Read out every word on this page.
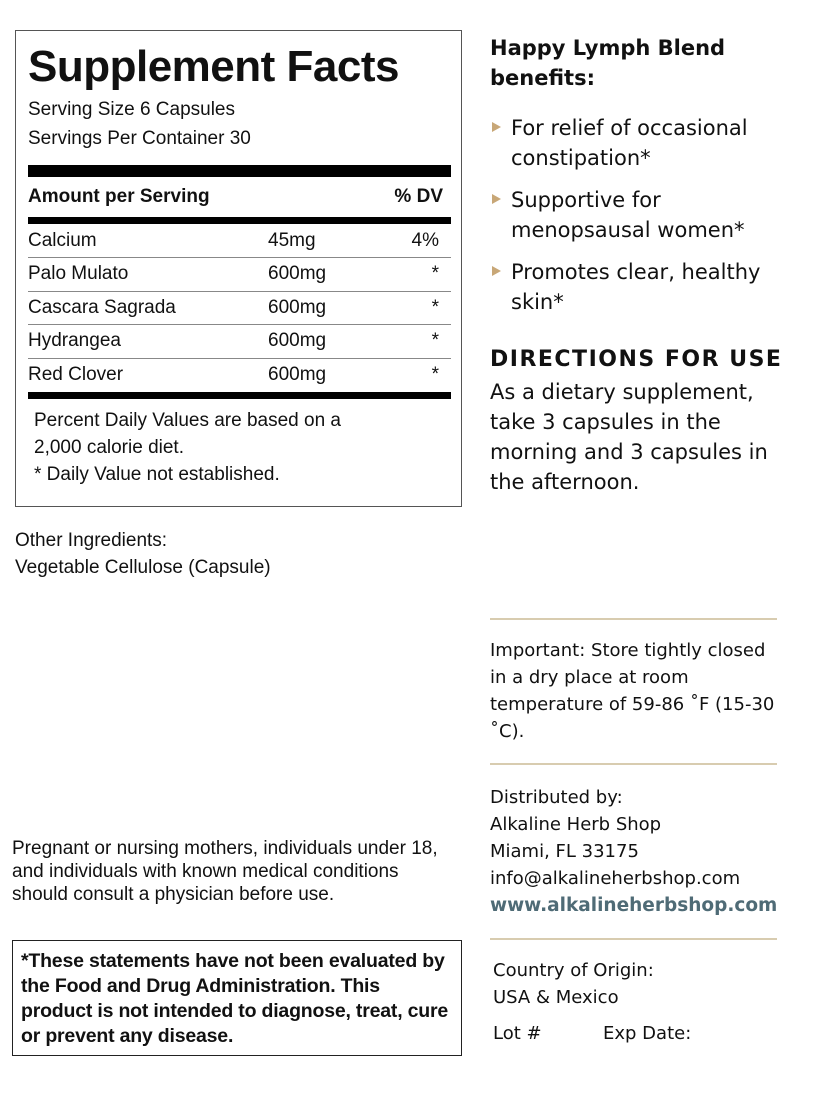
Supplement Facts
Serving Size 6 Capsules
Servings Per Container 30
Amount per Serving	% DV
Calcium	45mg	4%
Palo Mulato	600mg	*
Cascara Sagrada	600mg	*
Hydrangea	600mg	*
Red Clover	600mg	*
Percent Daily Values are based on a
2,000 calorie diet.
* Daily Value not established.
Other Ingredients:
Vegetable Cellulose (Capsule)
Pregnant or nursing mothers, individuals under 18, and individuals with known medical conditions should consult a physician before use.
*These statements have not been evaluated by the Food and Drug Administration. This product is not intended to diagnose, treat, cure or prevent any disease.
Happy Lymph Blend benefits:
For relief of occasional constipation*
Supportive for menopsausal women*
Promotes clear, healthy skin*
DIRECTIONS FOR USE
As a dietary supplement, take 3 capsules in the morning and 3 capsules in the afternoon.
Important: Store tightly closed in a dry place at room temperature of 59-86 ˚F (15-30 ˚C).
Distributed by:
Alkaline Herb Shop
Miami, FL 33175
info@alkalineherbshop.com
www.alkalineherbshop.com
Country of Origin:
USA & Mexico
Lot #	Exp Date:
